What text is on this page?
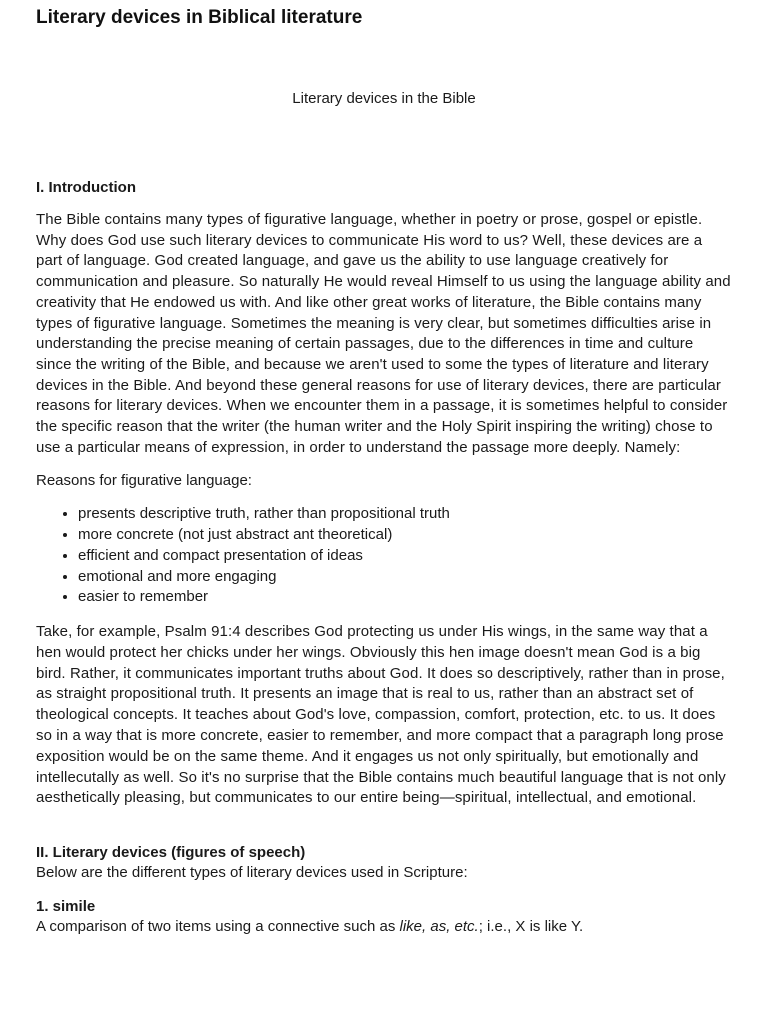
Literary devices in Biblical literature

Literary devices in the Bible

I. Introduction

The Bible contains many types of figurative language, whether in poetry or prose, gospel or epistle. Why does God use such literary devices to communicate His word to us? Well, these devices are a part of language. God created language, and gave us the ability to use language creatively for communication and pleasure. So naturally He would reveal Himself to us using the language ability and creativity that He endowed us with. And like other great works of literature, the Bible contains many types of figurative language. Sometimes the meaning is very clear, but sometimes difficulties arise in understanding the precise meaning of certain passages, due to the differences in time and culture since the writing of the Bible, and because we aren't used to some the types of literature and literary devices in the Bible. And beyond these general reasons for use of literary devices, there are particular reasons for literary devices. When we encounter them in a passage, it is sometimes helpful to consider the specific reason that the writer (the human writer and the Holy Spirit inspiring the writing) chose to use a particular means of expression, in order to understand the passage more deeply. Namely:

Reasons for figurative language:

• presents descriptive truth, rather than propositional truth
• more concrete (not just abstract ant theoretical)
• efficient and compact presentation of ideas
• emotional and more engaging
• easier to remember

Take, for example, Psalm 91:4 describes God protecting us under His wings, in the same way that a hen would protect her chicks under her wings. Obviously this hen image doesn't mean God is a big bird. Rather, it communicates important truths about God. It does so descriptively, rather than in prose, as straight propositional truth. It presents an image that is real to us, rather than an abstract set of theological concepts. It teaches about God's love, compassion, comfort, protection, etc. to us. It does so in a way that is more concrete, easier to remember, and more compact that a paragraph long prose exposition would be on the same theme. And it engages us not only spiritually, but emotionally and intellecutally as well. So it's no surprise that the Bible contains much beautiful language that is not only aesthetically pleasing, but communicates to our entire being—spiritual, intellectual, and emotional.

II. Literary devices (figures of speech)

Below are the different types of literary devices used in Scripture:

1. simile

A comparison of two items using a connective such as like, as, etc.; i.e., X is like Y.
